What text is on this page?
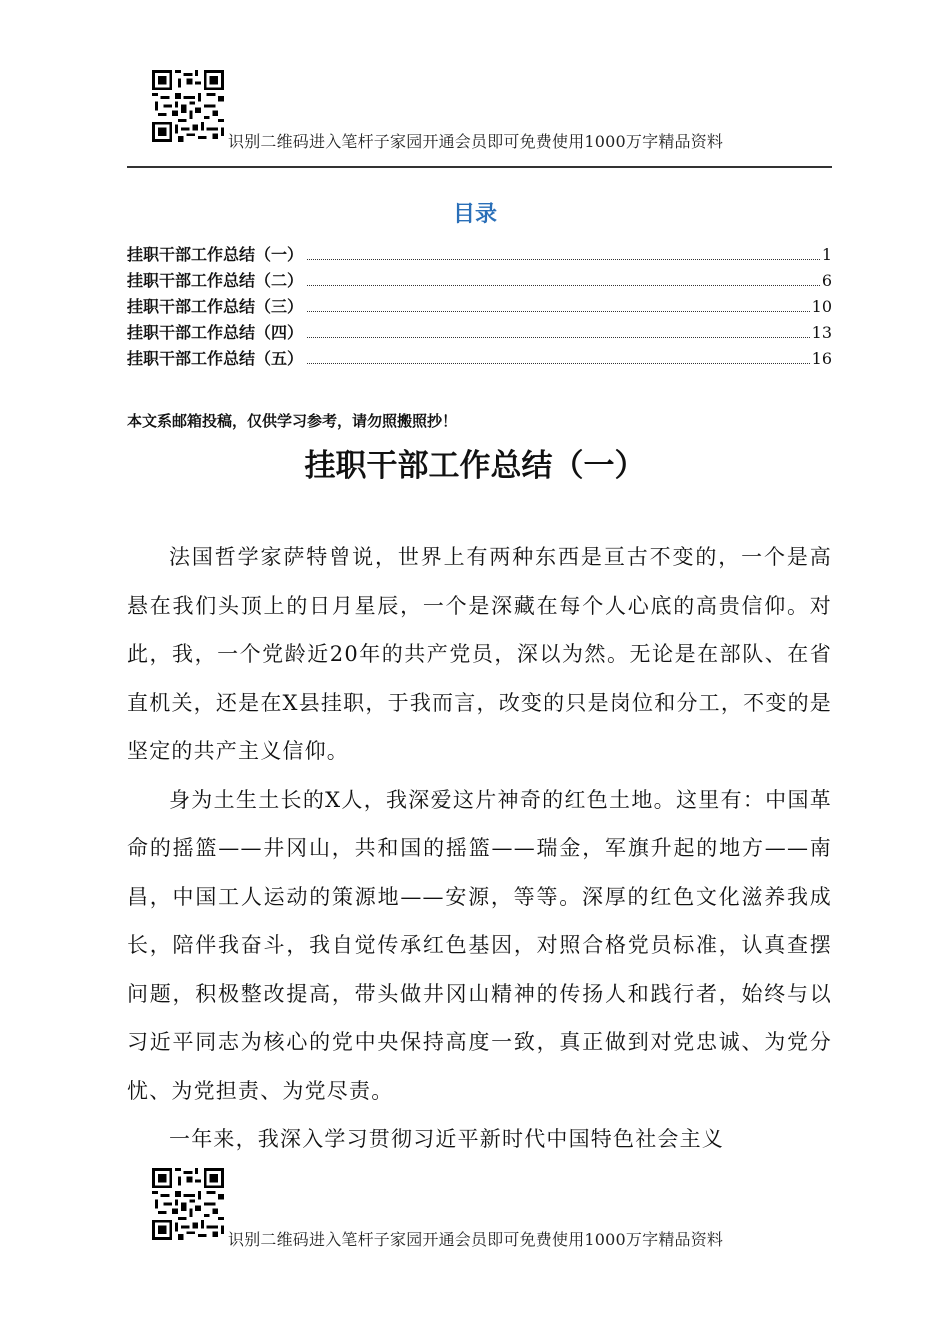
识别二维码进入笔杆子家园开通会员即可免费使用1000万字精品资料
目录
挂职干部工作总结（一）	1
挂职干部工作总结（二）	6
挂职干部工作总结（三）	10
挂职干部工作总结（四）	13
挂职干部工作总结（五）	16
本文系邮箱投稿，仅供学习参考，请勿照搬照抄！
挂职干部工作总结（一）

法国哲学家萨特曾说，世界上有两种东西是亘古不变的，一个是高悬在我们头顶上的日月星辰，一个是深藏在每个人心底的高贵信仰。对此，我，一个党龄近20年的共产党员，深以为然。无论是在部队、在省直机关，还是在X县挂职，于我而言，改变的只是岗位和分工，不变的是坚定的共产主义信仰。

身为土生土长的X人，我深爱这片神奇的红色土地。这里有：中国革命的摇篮——井冈山，共和国的摇篮——瑞金，军旗升起的地方——南昌，中国工人运动的策源地——安源，等等。深厚的红色文化滋养我成长，陪伴我奋斗，我自觉传承红色基因，对照合格党员标准，认真查摆问题，积极整改提高，带头做井冈山精神的传扬人和践行者，始终与以习近平同志为核心的党中央保持高度一致，真正做到对党忠诚、为党分忧、为党担责、为党尽责。

一年来，我深入学习贯彻习近平新时代中国特色社会主义

识别二维码进入笔杆子家园开通会员即可免费使用1000万字精品资料
